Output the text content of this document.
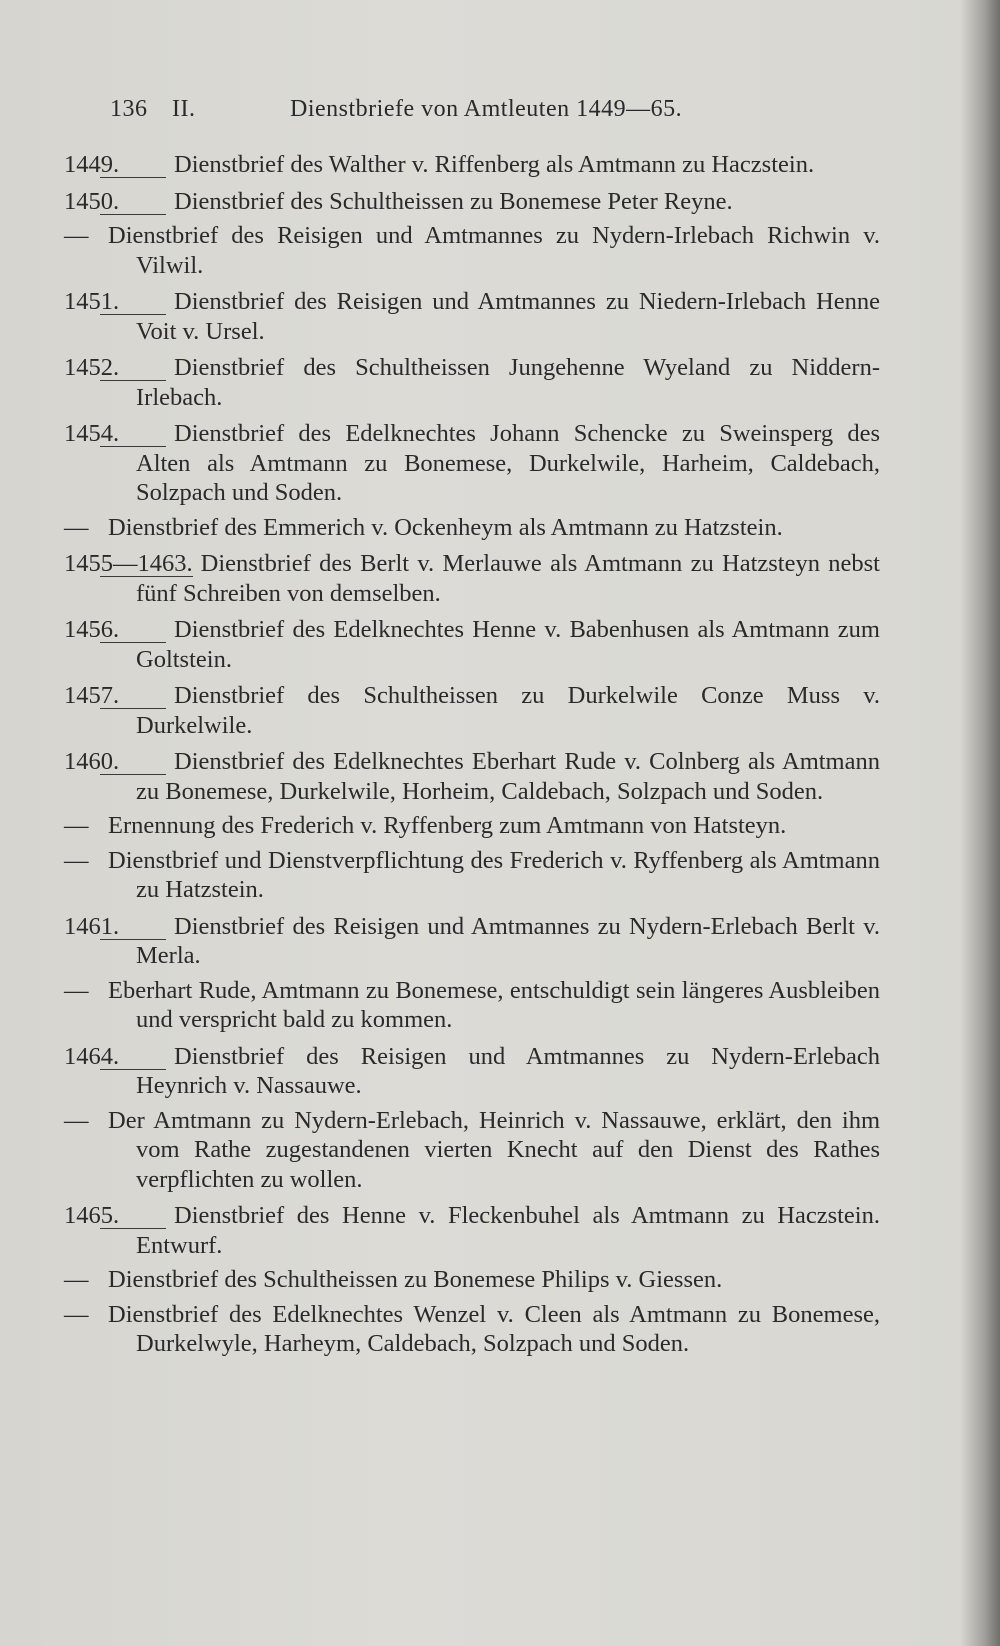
136 II.	Dienstbriefe von Amtleuten 1449—65.
1449. Dienstbrief des Walther v. Riffenberg als Amtmann zu Haczstein.
1450. Dienstbrief des Schultheissen zu Bonemese Peter Reyne.
— Dienstbrief des Reisigen und Amtmannes zu Nydern-Irlebach Richwin v. Vilwil.
1451. Dienstbrief des Reisigen und Amtmannes zu Niedern-Irlebach Henne Voit v. Ursel.
1452. Dienstbrief des Schultheissen Jungehenne Wyeland zu Niddern-Irlebach.
1454. Dienstbrief des Edelknechtes Johann Schencke zu Sweinsperg des Alten als Amtmann zu Bonemese, Durkelwile, Harheim, Caldebach, Solzpach und Soden.
— Dienstbrief des Emmerich v. Ockenheym als Amtmann zu Hatzstein.
1455—1463. Dienstbrief des Berlt v. Merlauwe als Amtmann zu Hatzsteyn nebst fünf Schreiben von demselben.
1456. Dienstbrief des Edelknechtes Henne v. Babenhusen als Amtmann zum Goltstein.
1457. Dienstbrief des Schultheissen zu Durkelwile Conze Muss v. Durkelwile.
1460. Dienstbrief des Edelknechtes Eberhart Rude v. Colnberg als Amtmann zu Bonemese, Durkelwile, Horheim, Caldebach, Solzpach und Soden.
— Ernennung des Frederich v. Ryffenberg zum Amtmann von Hatsteyn.
— Dienstbrief und Dienstverpflichtung des Frederich v. Ryffenberg als Amtmann zu Hatzstein.
1461. Dienstbrief des Reisigen und Amtmannes zu Nydern-Erlebach Berlt v. Merla.
— Eberhart Rude, Amtmann zu Bonemese, entschuldigt sein längeres Ausbleiben und verspricht bald zu kommen.
1464. Dienstbrief des Reisigen und Amtmannes zu Nydern-Erlebach Heynrich v. Nassauwe.
— Der Amtmann zu Nydern-Erlebach, Heinrich v. Nassauwe, erklärt, den ihm vom Rathe zugestandenen vierten Knecht auf den Dienst des Rathes verpflichten zu wollen.
1465. Dienstbrief des Henne v. Fleckenbuhel als Amtmann zu Haczstein. Entwurf.
— Dienstbrief des Schultheissen zu Bonemese Philips v. Giessen.
— Dienstbrief des Edelknechtes Wenzel v. Cleen als Amtmann zu Bonemese, Durkelwyle, Harheym, Caldebach, Solzpach und Soden.
